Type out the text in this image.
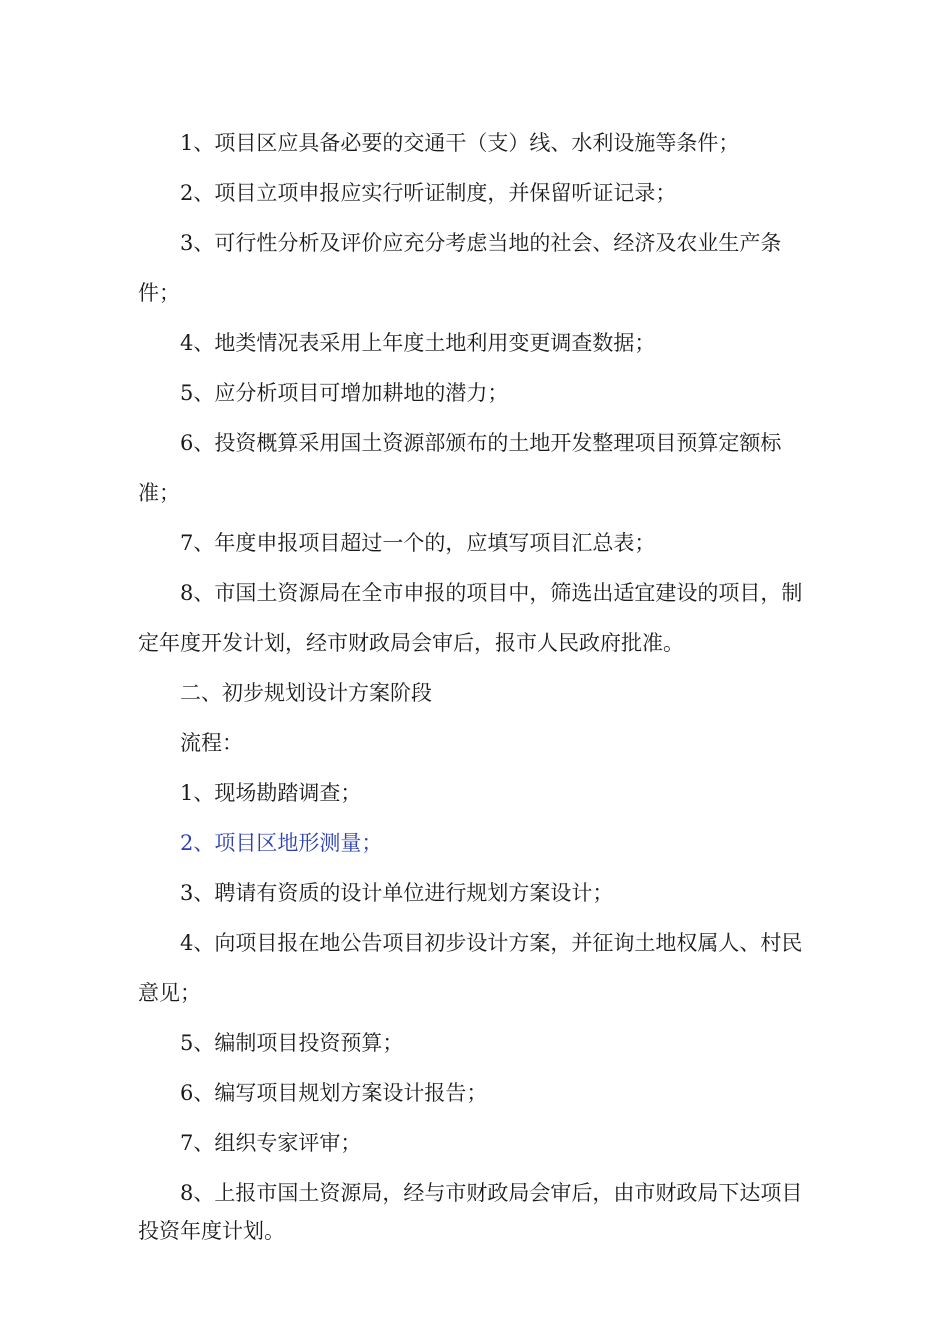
1、项目区应具备必要的交通干（支）线、水利设施等条件；

2、项目立项申报应实行听证制度，并保留听证记录；

3、可行性分析及评价应充分考虑当地的社会、经济及农业生产条件；

4、地类情况表采用上年度土地利用变更调查数据；

5、应分析项目可增加耕地的潜力；

6、投资概算采用国土资源部颁布的土地开发整理项目预算定额标准；

7、年度申报项目超过一个的，应填写项目汇总表；

8、市国土资源局在全市申报的项目中，筛选出适宜建设的项目，制定年度开发计划，经市财政局会审后，报市人民政府批准。

二、初步规划设计方案阶段

流程：

1、现场勘踏调查；

2、项目区地形测量；

3、聘请有资质的设计单位进行规划方案设计；

4、向项目报在地公告项目初步设计方案，并征询土地权属人、村民意见；

5、编制项目投资预算；

6、编写项目规划方案设计报告；

7、组织专家评审；

8、上报市国土资源局，经与市财政局会审后，由市财政局下达项目投资年度计划。
